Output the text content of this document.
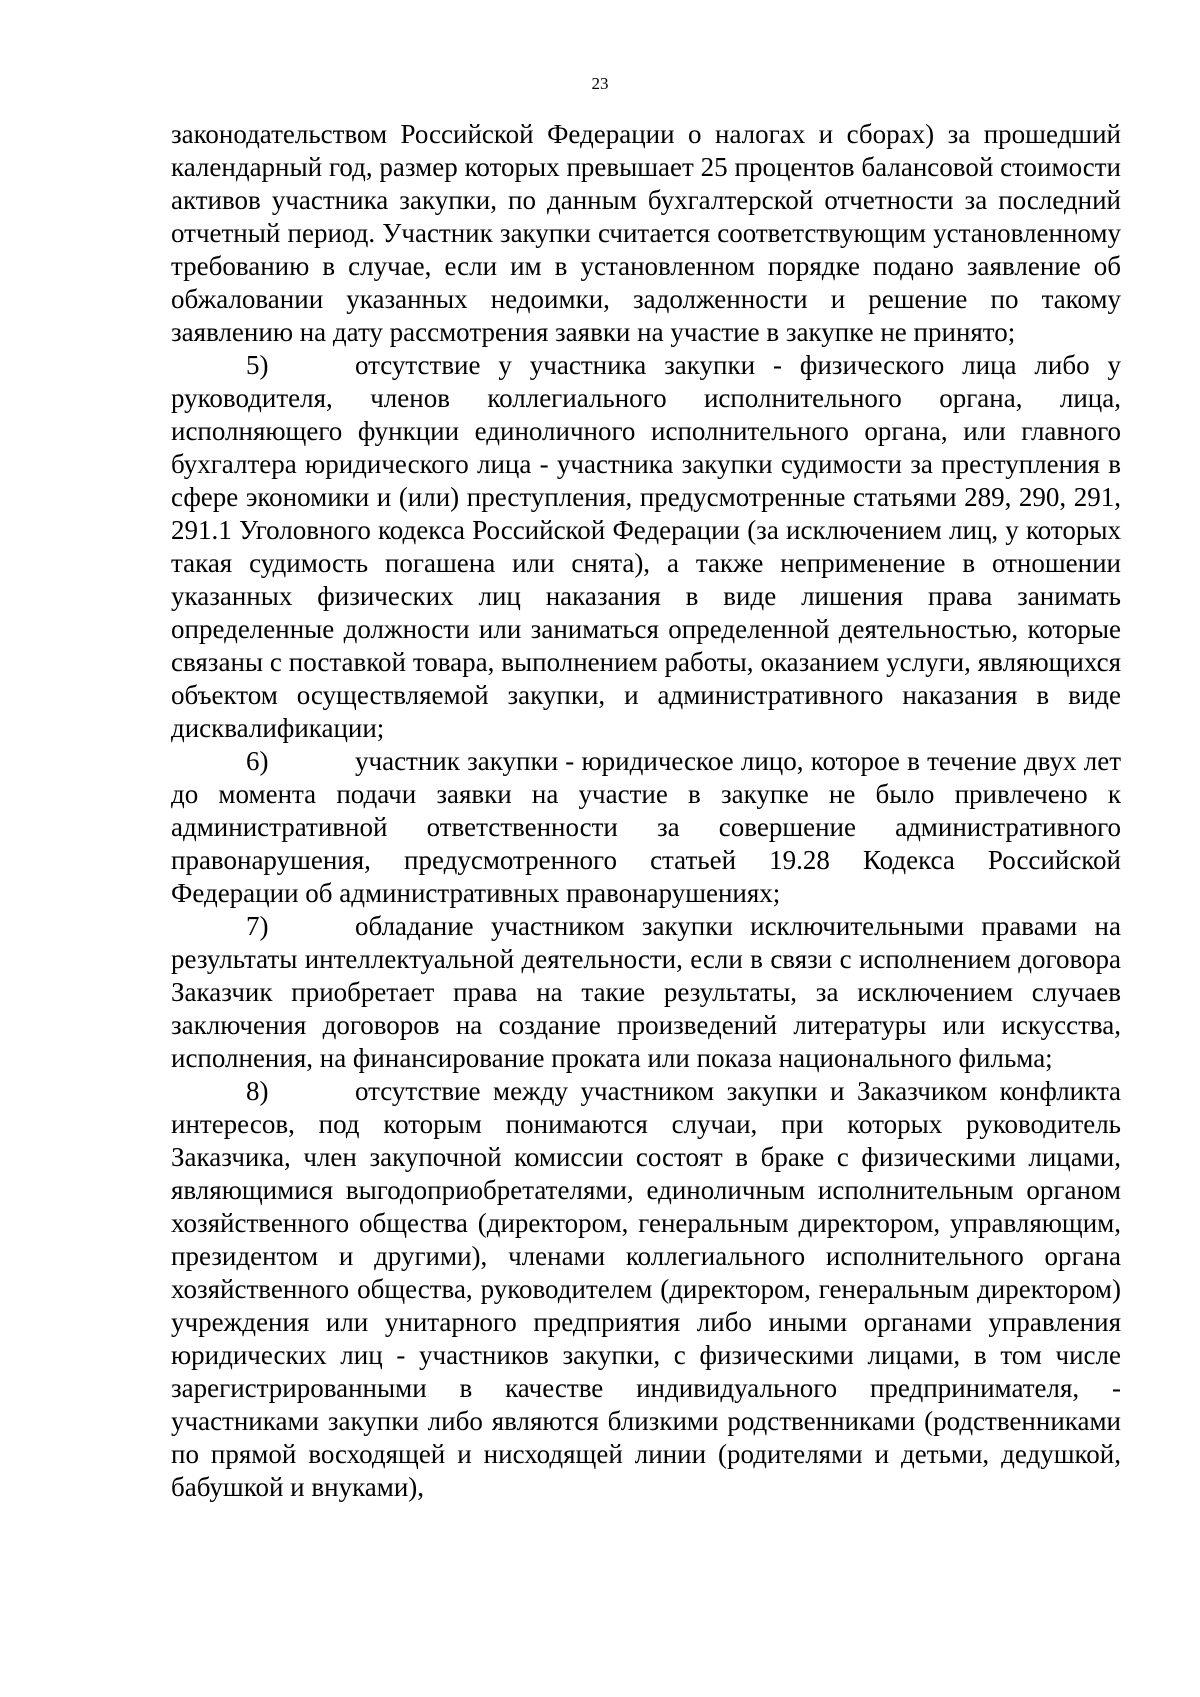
23

законодательством Российской Федерации о налогах и сборах) за прошедший календарный год, размер которых превышает 25 процентов балансовой стоимости активов участника закупки, по данным бухгалтерской отчетности за последний отчетный период. Участник закупки считается соответствующим установленному требованию в случае, если им в установленном порядке подано заявление об обжаловании указанных недоимки, задолженности и решение по такому заявлению на дату рассмотрения заявки на участие в закупке не принято;

5)	отсутствие у участника закупки - физического лица либо у руководителя, членов коллегиального исполнительного органа, лица, исполняющего функции единоличного исполнительного органа, или главного бухгалтера юридического лица - участника закупки судимости за преступления в сфере экономики и (или) преступления, предусмотренные статьями 289, 290, 291, 291.1 Уголовного кодекса Российской Федерации (за исключением лиц, у которых такая судимость погашена или снята), а также неприменение в отношении указанных физических лиц наказания в виде лишения права занимать определенные должности или заниматься определенной деятельностью, которые связаны с поставкой товара, выполнением работы, оказанием услуги, являющихся объектом осуществляемой закупки, и административного наказания в виде дисквалификации;

6)	участник закупки - юридическое лицо, которое в течение двух лет до момента подачи заявки на участие в закупке не было привлечено к административной ответственности за совершение административного правонарушения, предусмотренного статьей 19.28 Кодекса Российской Федерации об административных правонарушениях;

7)	обладание участником закупки исключительными правами на результаты интеллектуальной деятельности, если в связи с исполнением договора Заказчик приобретает права на такие результаты, за исключением случаев заключения договоров на создание произведений литературы или искусства, исполнения, на финансирование проката или показа национального фильма;

8)	отсутствие между участником закупки и Заказчиком конфликта интересов, под которым понимаются случаи, при которых руководитель Заказчика, член закупочной комиссии состоят в браке с физическими лицами, являющимися выгодоприобретателями, единоличным исполнительным органом хозяйственного общества (директором, генеральным директором, управляющим, президентом и другими), членами коллегиального исполнительного органа хозяйственного общества, руководителем (директором, генеральным директором) учреждения или унитарного предприятия либо иными органами управления юридических лиц - участников закупки, с физическими лицами, в том числе зарегистрированными в качестве индивидуального предпринимателя, - участниками закупки либо являются близкими родственниками (родственниками по прямой восходящей и нисходящей линии (родителями и детьми, дедушкой, бабушкой и внуками),
